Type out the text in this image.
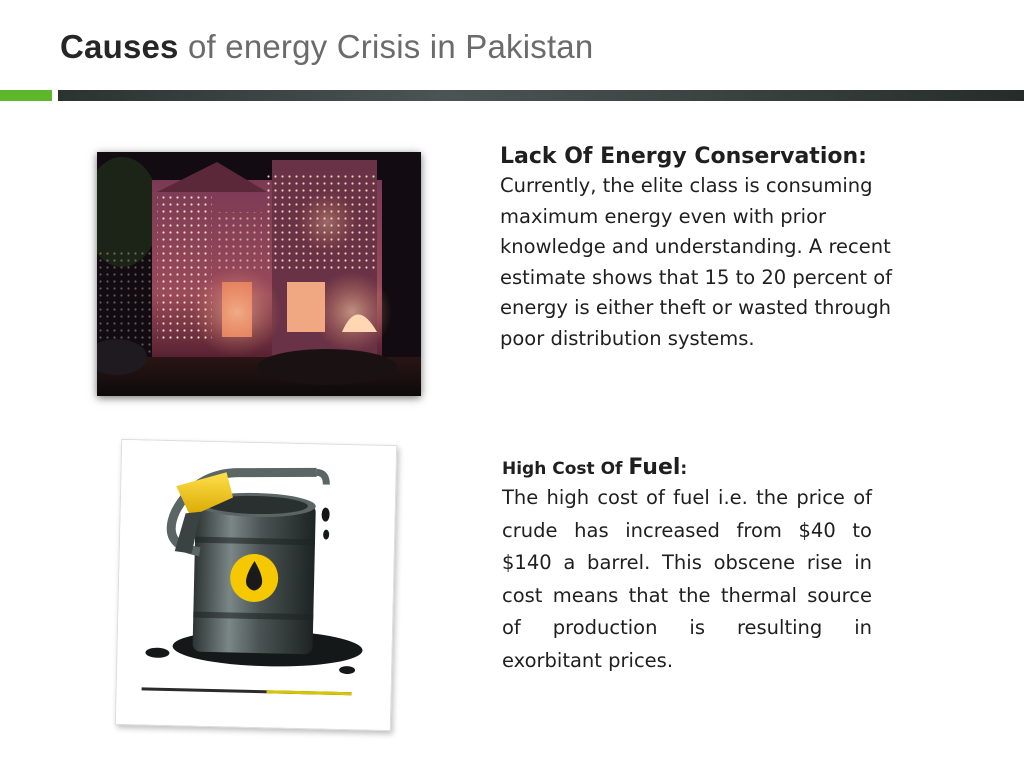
Causes of energy Crisis in Pakistan

Lack Of Energy Conservation:

Currently, the elite class is consuming maximum energy even with prior knowledge and understanding. A recent estimate shows that 15 to 20 percent of energy is either theft or wasted through poor distribution systems.

High Cost Of Fuel:

The high cost of fuel i.e. the price of crude has increased from $40 to $140 a barrel. This obscene rise in cost means that the thermal source of production is resulting in exorbitant prices.
